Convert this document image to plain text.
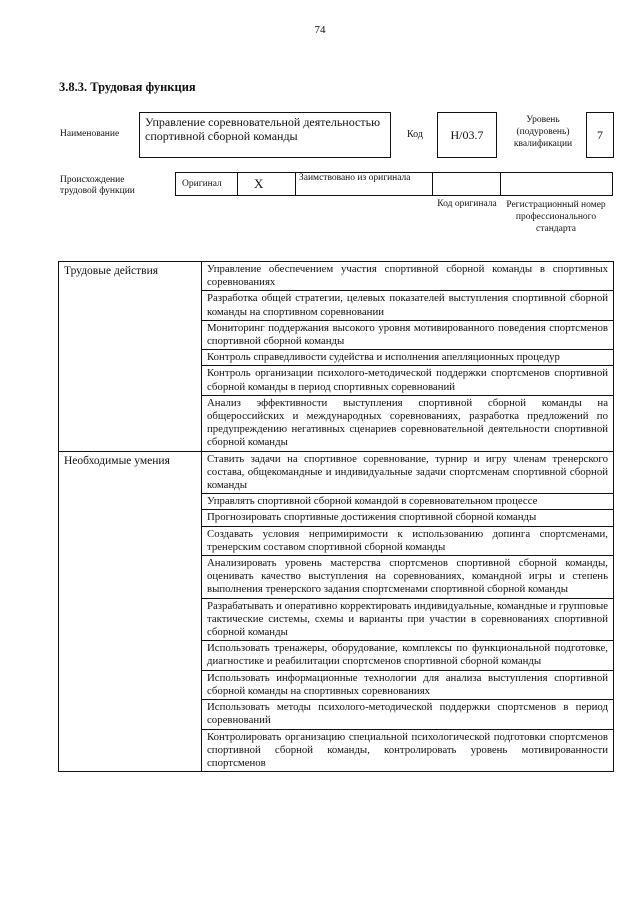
74
3.8.3. Трудовая функция
Наименование
Управление соревновательной деятельностью спортивной сборной команды	Код	H/03.7
Уровень (подуровень) квалификации
7
Происхождение трудовой функции
Оригинал X	Заимствовано из оригинала
Код оригинала	Регистрационный номер профессионального стандарта
Трудовые действия	Управление обеспечением участия спортивной сборной команды в спортивных соревнованиях
	Разработка общей стратегии, целевых показателей выступления спортивной сборной команды на спортивном соревновании
	Мониторинг поддержания высокого уровня мотивированного поведения спортсменов спортивной сборной команды
	Контроль справедливости судейства и исполнения апелляционных процедур
	Контроль организации психолого-методической поддержки спортсменов спортивной сборной команды в период спортивных соревнований
	Анализ эффективности выступления спортивной сборной команды на общероссийских и международных соревнованиях, разработка предложений по предупреждению негативных сценариев соревновательной деятельности спортивной сборной команды
Необходимые умения	Ставить задачи на спортивное соревнование, турнир и игру членам тренерского состава, общекомандные и индивидуальные задачи спортсменам спортивной сборной команды
	Управлять спортивной сборной командой в соревновательном процессе
	Прогнозировать спортивные достижения спортивной сборной команды
	Создавать условия непримиримости к использованию допинга спортсменами, тренерским составом спортивной сборной команды
	Анализировать уровень мастерства спортсменов спортивной сборной команды, оценивать качество выступления на соревнованиях, командной игры и степень выполнения тренерского задания спортсменами спортивной сборной команды
	Разрабатывать и оперативно корректировать индивидуальные, командные и групповые тактические системы, схемы и варианты при участии в соревнованиях спортивной сборной команды
	Использовать тренажеры, оборудование, комплексы по функциональной подготовке, диагностике и реабилитации спортсменов спортивной сборной команды
	Использовать информационные технологии для анализа выступления спортивной сборной команды на спортивных соревнованиях
	Использовать методы психолого-методической поддержки спортсменов в период соревнований
	Контролировать организацию специальной психологической подготовки спортсменов спортивной сборной команды, контролировать уровень мотивированности спортсменов
